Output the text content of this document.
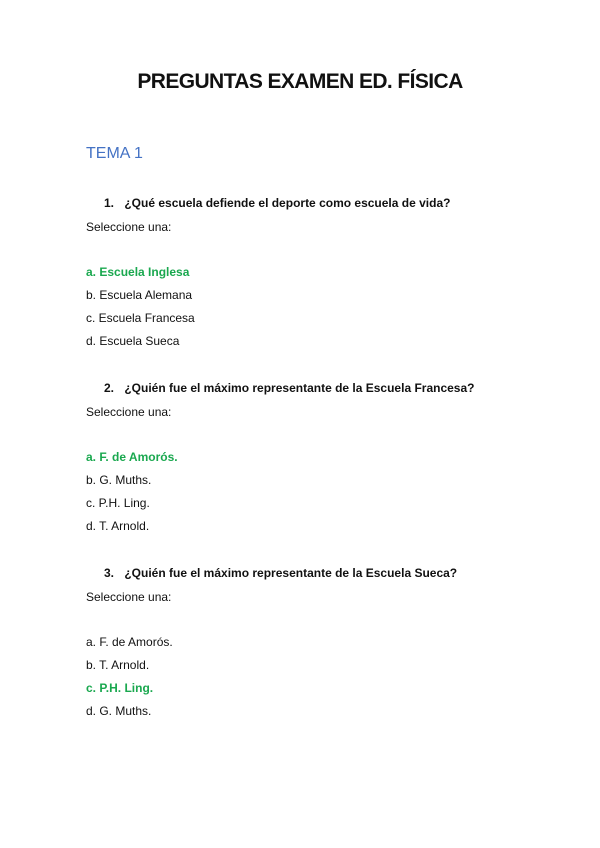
PREGUNTAS EXAMEN ED. FÍSICA
TEMA 1
1. ¿Qué escuela defiende el deporte como escuela de vida?
Seleccione una:
a. Escuela Inglesa
b. Escuela Alemana
c. Escuela Francesa
d. Escuela Sueca
2. ¿Quién fue el máximo representante de la Escuela Francesa?
Seleccione una:
a. F. de Amorós.
b. G. Muths.
c. P.H. Ling.
d. T. Arnold.
3. ¿Quién fue el máximo representante de la Escuela Sueca?
Seleccione una:
a. F. de Amorós.
b. T. Arnold.
c. P.H. Ling.
d. G. Muths.
